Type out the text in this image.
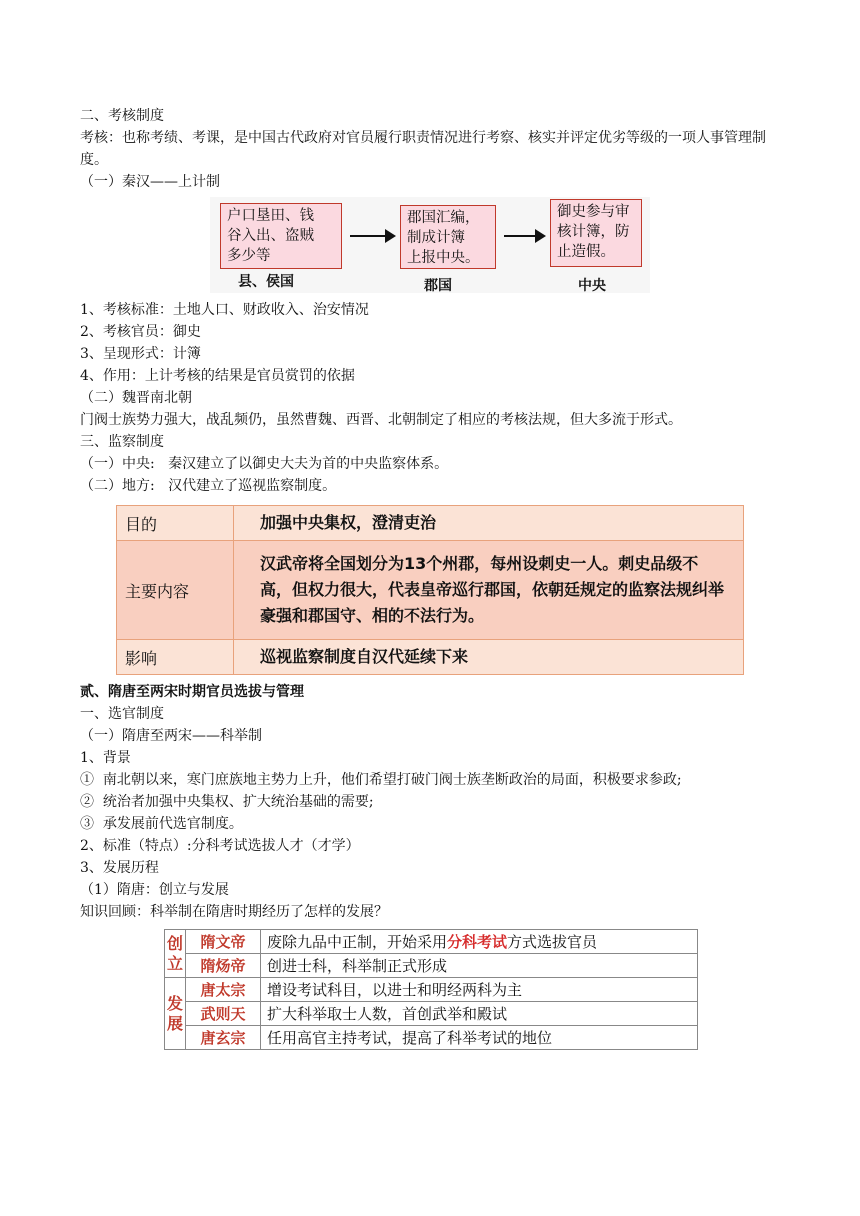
二、考核制度
考核：也称考绩、考课，是中国古代政府对官员履行职责情况进行考察、核实并评定优劣等级的一项人事管理制度。
（一）秦汉——上计制
户口垦田、钱
谷入出、盗贼
多少等
郡国汇编，
制成计簿
上报中央。
御史参与审
核计簿，防
止造假。
县、侯国	郡国	中央
1、考核标准：土地人口、财政收入、治安情况
2、考核官员：御史
3、呈现形式：计簿
4、作用：上计考核的结果是官员赏罚的依据
（二）魏晋南北朝
门阀士族势力强大，战乱频仍，虽然曹魏、西晋、北朝制定了相应的考核法规，但大多流于形式。
三、监察制度
（一）中央:   秦汉建立了以御史大夫为首的中央监察体系。
（二）地方:   汉代建立了巡视监察制度。
目的	加强中央集权，澄清吏治
主要内容	汉武帝将全国划分为13个州郡，每州设刺史一人。刺史品级不高，但权力很大，代表皇帝巡行郡国，依朝廷规定的监察法规纠举豪强和郡国守、相的不法行为。
影响	巡视监察制度自汉代延续下来
贰、隋唐至两宋时期官员选拔与管理
一、选官制度
（一）隋唐至两宋——科举制
1、背景
①  南北朝以来，寒门庶族地主势力上升，他们希望打破门阀士族垄断政治的局面，积极要求参政;
②  统治者加强中央集权、扩大统治基础的需要;
③  承发展前代选官制度。
2、标准（特点）:分科考试选拔人才（才学）
3、发展历程
（1）隋唐：创立与发展
知识回顾：科举制在隋唐时期经历了怎样的发展？
创
立	隋文帝	废除九品中正制，开始采用分科考试方式选拔官员
	隋炀帝	创进士科，科举制正式形成
发
展	唐太宗	增设考试科目，以进士和明经两科为主
	武则天	扩大科举取士人数，首创武举和殿试
	唐玄宗	任用高官主持考试，提高了科举考试的地位
